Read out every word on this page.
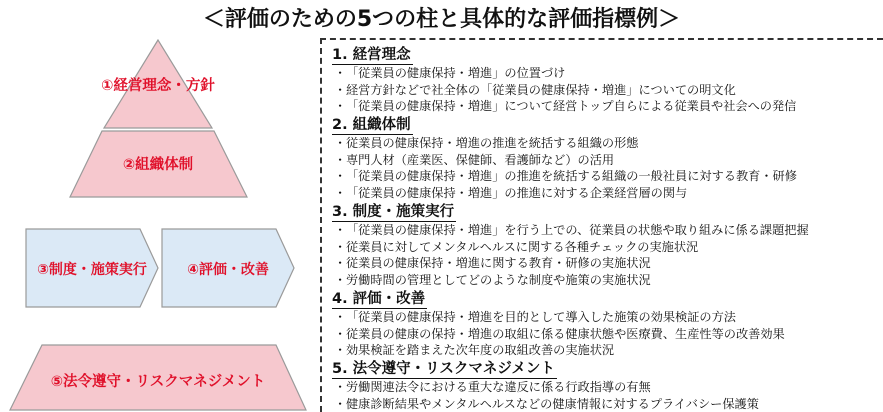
＜評価のための5つの柱と具体的な評価指標例＞
①経営理念・方針
②組織体制
③制度・施策実行	④評価・改善
⑤法令遵守・リスクマネジメント
1. 経営理念
・ 「従業員の健康保持・増進」の位置づけ
・ 経営方針などで社全体の「従業員の健康保持・増進」についての明文化
・ 「従業員の健康保持・増進」について経営トップ自らによる従業員や社会への発信
2. 組織体制
・ 従業員の健康保持・増進の推進を統括する組織の形態
・ 専門人材（産業医、保健師、看護師など）の活用
・ 「従業員の健康保持・増進」の推進を統括する組織の一般社員に対する教育・研修
・ 「従業員の健康保持・増進」の推進に対する企業経営層の関与
3. 制度・施策実行
・ 「従業員の健康保持・増進」を行う上での、従業員の状態や取り組みに係る課題把握
・ 従業員に対してメンタルヘルスに関する各種チェックの実施状況
・ 従業員の健康保持・増進に関する教育・研修の実施状況
・ 労働時間の管理としてどのような制度や施策の実施状況
4. 評価・改善
・ 「従業員の健康保持・増進を目的として導入した施策の効果検証の方法
・ 従業員の健康の保持・増進の取組に係る健康状態や医療費、生産性等の改善効果
・ 効果検証を踏まえた次年度の取組改善の実施状況
5. 法令遵守・リスクマネジメント
・ 労働関連法令における重大な違反に係る行政指導の有無
・ 健康診断結果やメンタルヘルスなどの健康情報に対するプライバシー保護策
